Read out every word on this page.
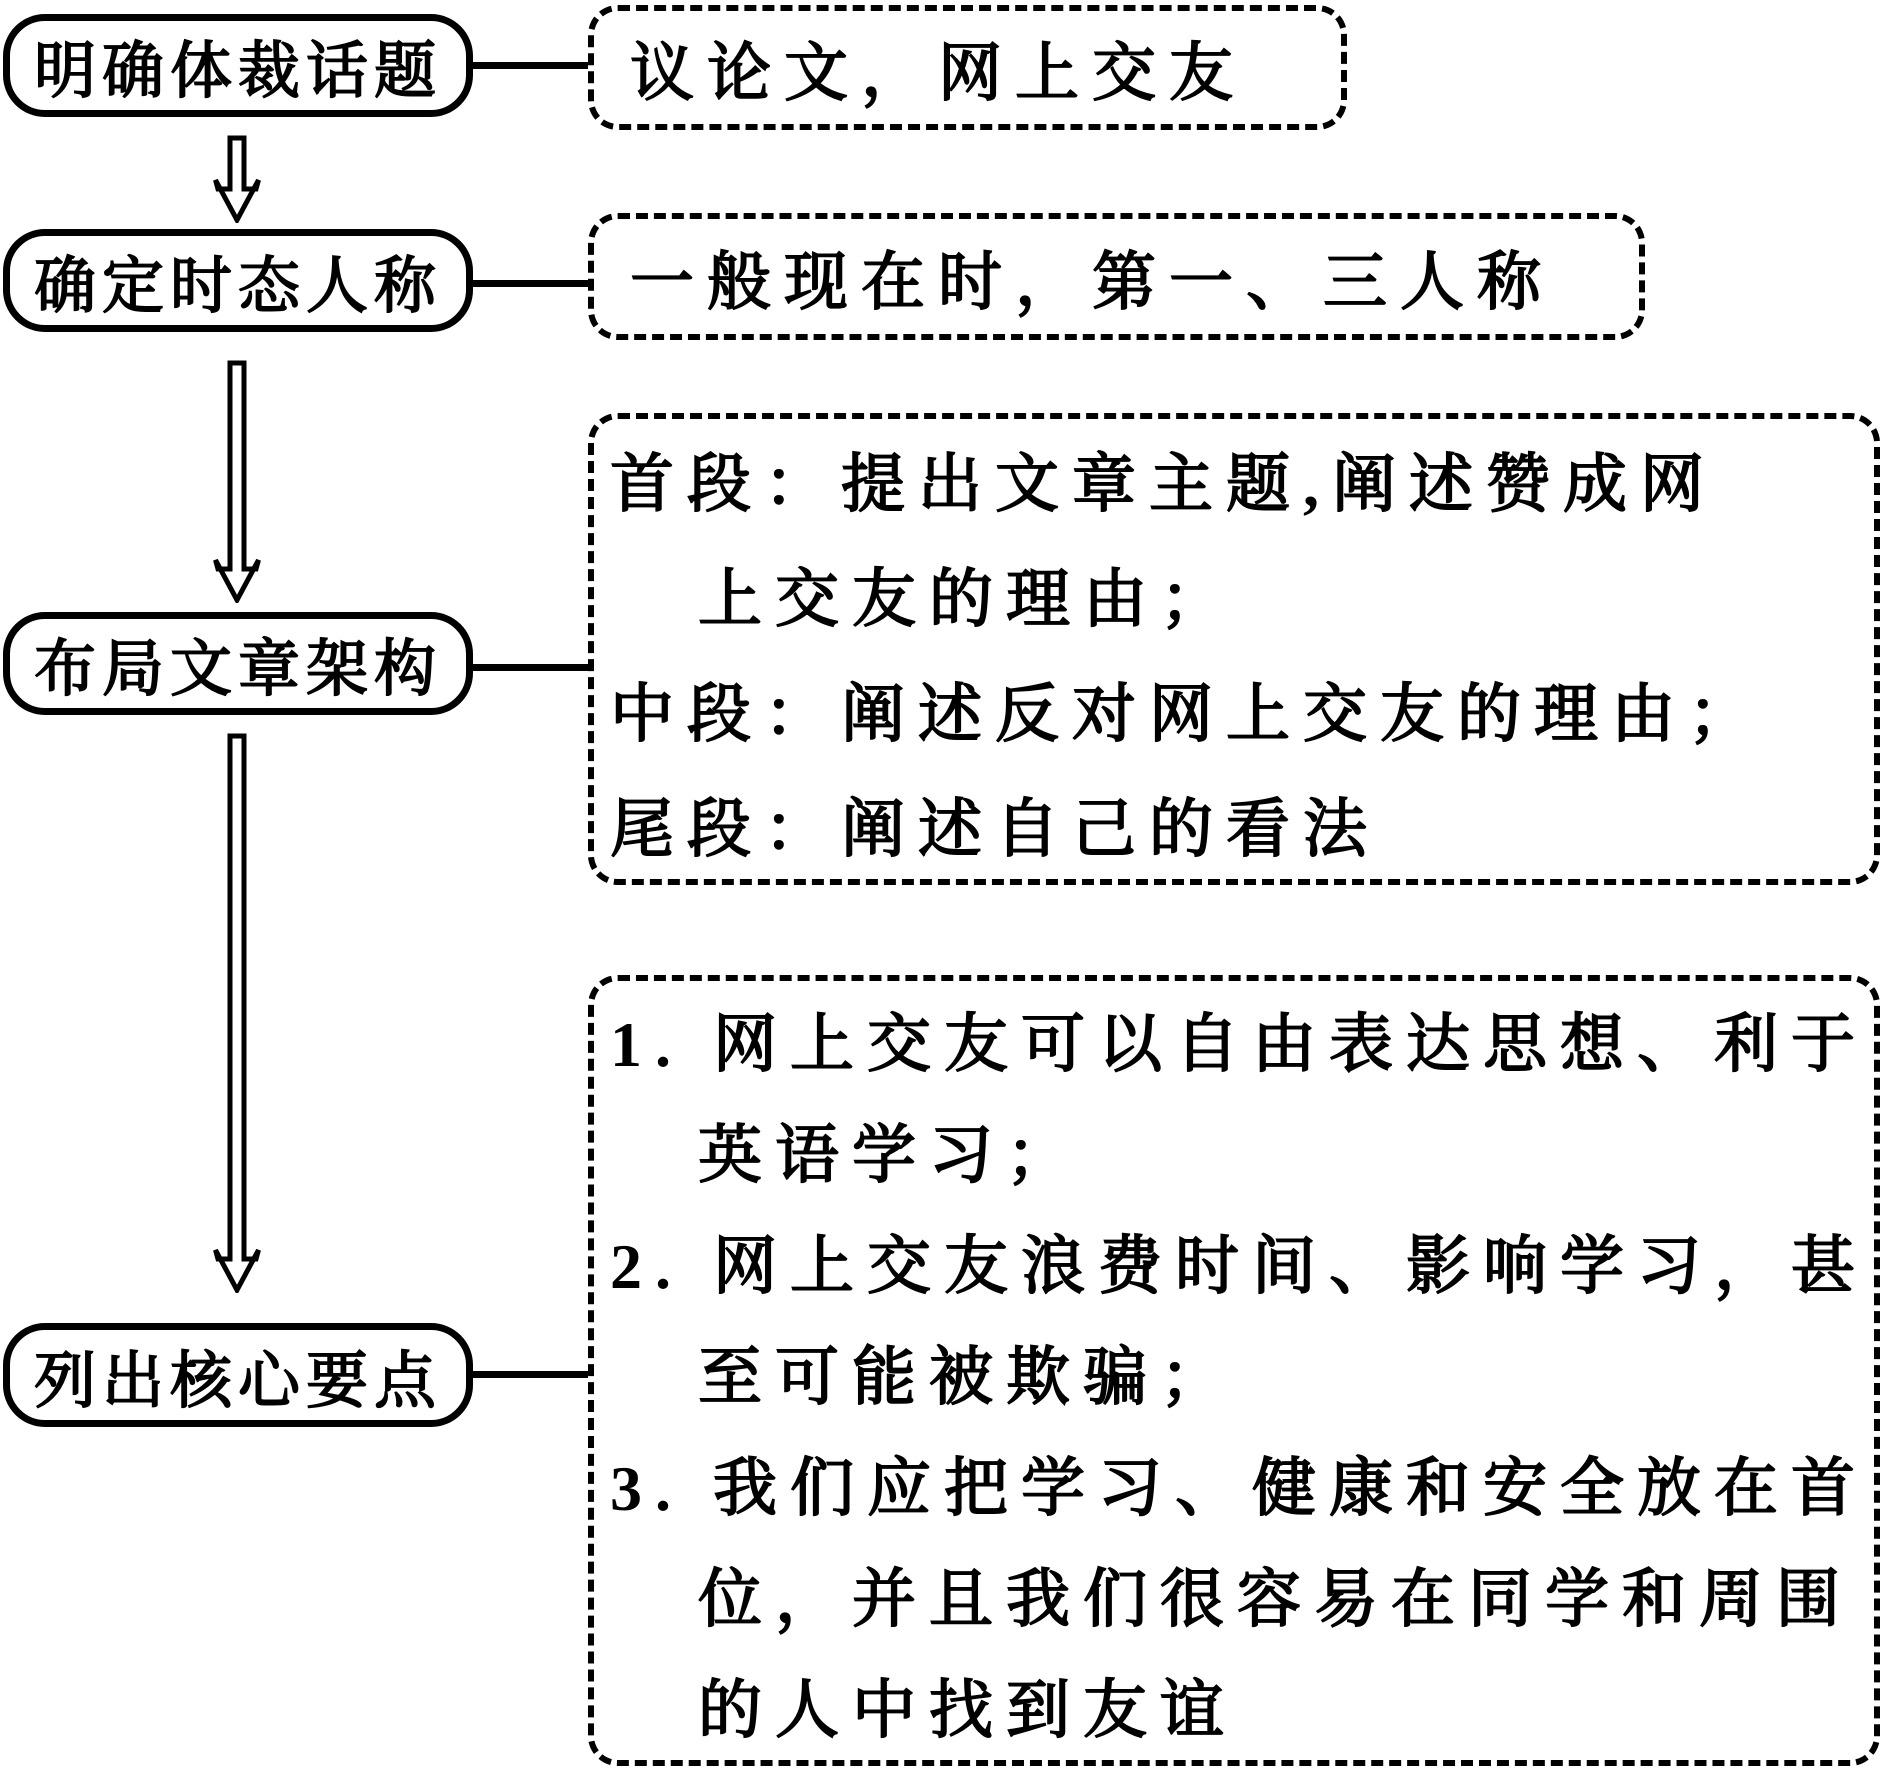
明确体裁话题
确定时态人称
布局文章架构
列出核心要点
议论文，网上交友
一般现在时，第一、三人称
首段：提出文章主题,阐述赞成网
上交友的理由；
中段：阐述反对网上交友的理由；
尾段：阐述自己的看法
1. 网上交友可以自由表达思想、利于
英语学习；
2. 网上交友浪费时间、影响学习，甚
至可能被欺骗；
3. 我们应把学习、健康和安全放在首
位，并且我们很容易在同学和周围
的人中找到友谊
